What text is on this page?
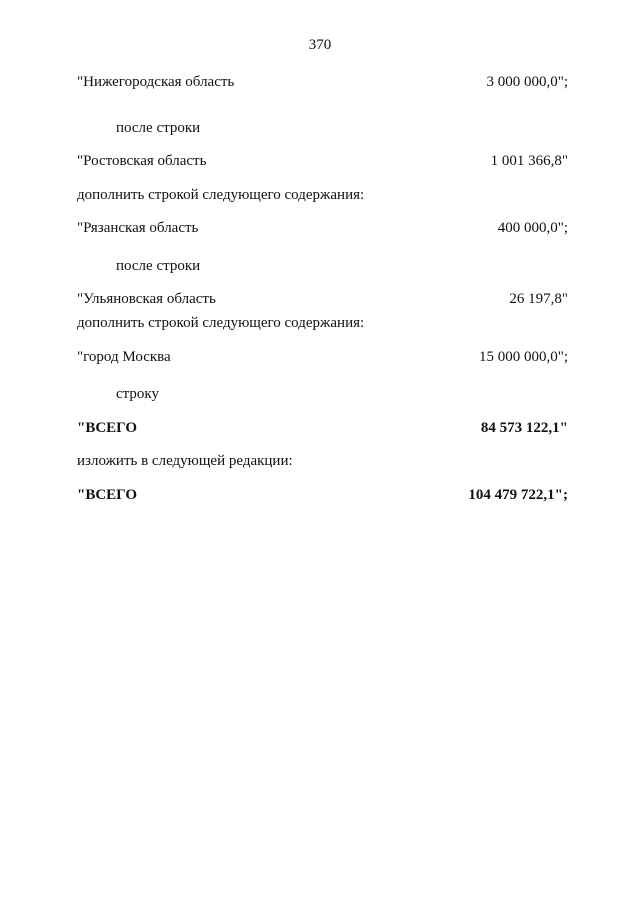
370
"Нижегородская область	3 000 000,0";
после строки
"Ростовская область	1 001 366,8"
дополнить строкой следующего содержания:
"Рязанская область	400 000,0";
после строки
"Ульяновская область	26 197,8"
дополнить строкой следующего содержания:
"город Москва	15 000 000,0";
строку
"ВСЕГО	84 573 122,1"
изложить в следующей редакции:
"ВСЕГО	104 479 722,1";
